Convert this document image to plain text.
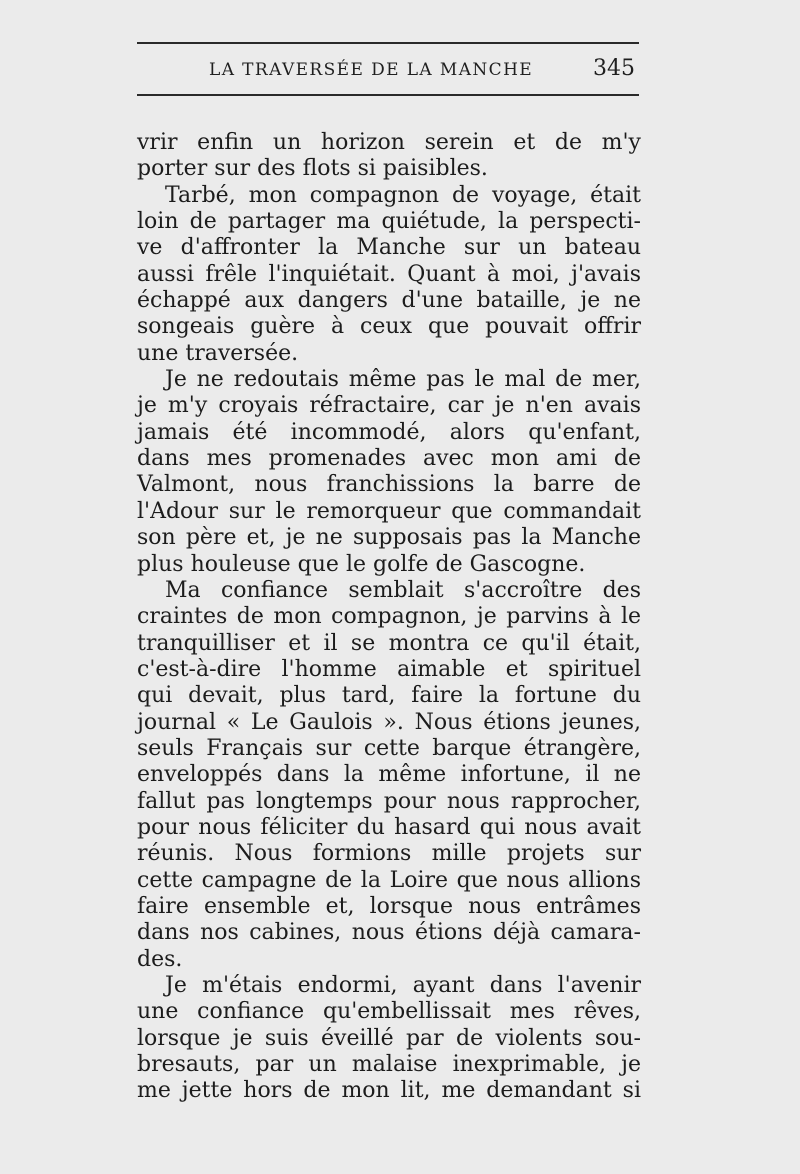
LA TRAVERSÉE DE LA MANCHE	345
vrir enfin un horizon serein et de m'y
porter sur des flots si paisibles.
Tarbé, mon compagnon de voyage, était
loin de partager ma quiétude, la perspecti-
ve d'affronter la Manche sur un bateau
aussi frêle l'inquiétait. Quant à moi, j'avais
échappé aux dangers d'une bataille, je ne
songeais guère à ceux que pouvait offrir
une traversée.
Je ne redoutais même pas le mal de mer,
je m'y croyais réfractaire, car je n'en avais
jamais été incommodé, alors qu'enfant,
dans mes promenades avec mon ami de
Valmont, nous franchissions la barre de
l'Adour sur le remorqueur que commandait
son père et, je ne supposais pas la Manche
plus houleuse que le golfe de Gascogne.
Ma confiance semblait s'accroître des
craintes de mon compagnon, je parvins à le
tranquilliser et il se montra ce qu'il était,
c'est-à-dire l'homme aimable et spirituel
qui devait, plus tard, faire la fortune du
journal « Le Gaulois ». Nous étions jeunes,
seuls Français sur cette barque étrangère,
enveloppés dans la même infortune, il ne
fallut pas longtemps pour nous rapprocher,
pour nous féliciter du hasard qui nous avait
réunis. Nous formions mille projets sur
cette campagne de la Loire que nous allions
faire ensemble et, lorsque nous entrâmes
dans nos cabines, nous étions déjà camara-
des.
Je m'étais endormi, ayant dans l'avenir
une confiance qu'embellissait mes rêves,
lorsque je suis éveillé par de violents sou-
bresauts, par un malaise inexprimable, je
me jette hors de mon lit, me demandant si
